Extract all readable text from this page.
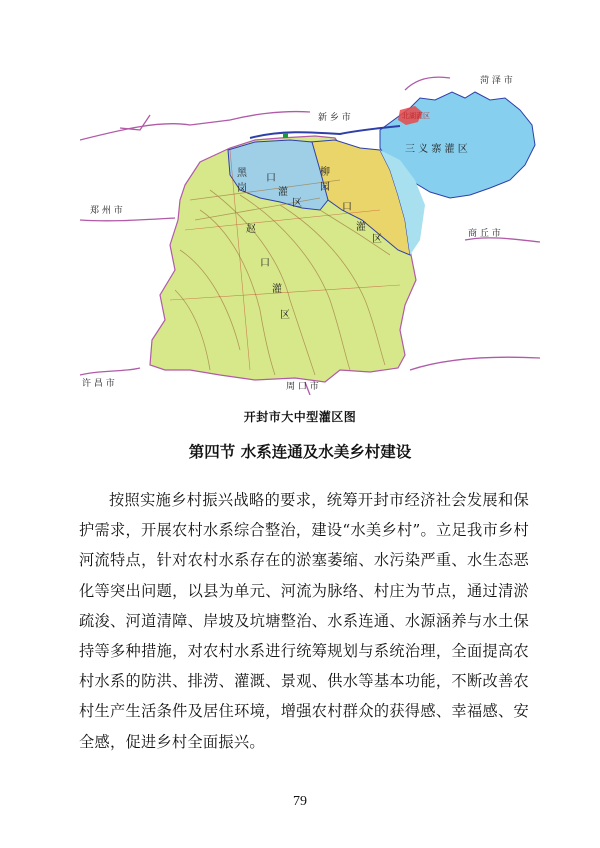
新 乡 市
菏 泽 市
郑 州 市
商 丘 市
许 昌 市	周 口 市
北湖灌区
三 义 寨 灌 区
黑
岗
口
灌
区
柳
园
口
灌
区
赵
口
灌
区
开封市大中型灌区图
第四节 水系连通及水美乡村建设
按照实施乡村振兴战略的要求，统筹开封市经济社会发展和保护需求，开展农村水系综合整治，建设“水美乡村”。立足我市乡村河流特点，针对农村水系存在的淤塞萎缩、水污染严重、水生态恶化等突出问题，以县为单元、河流为脉络、村庄为节点，通过清淤疏浚、河道清障、岸坡及坑塘整治、水系连通、水源涵养与水土保持等多种措施，对农村水系进行统筹规划与系统治理，全面提高农村水系的防洪、排涝、灌溉、景观、供水等基本功能，不断改善农村生产生活条件及居住环境，增强农村群众的获得感、幸福感、安全感，促进乡村全面振兴。
79
